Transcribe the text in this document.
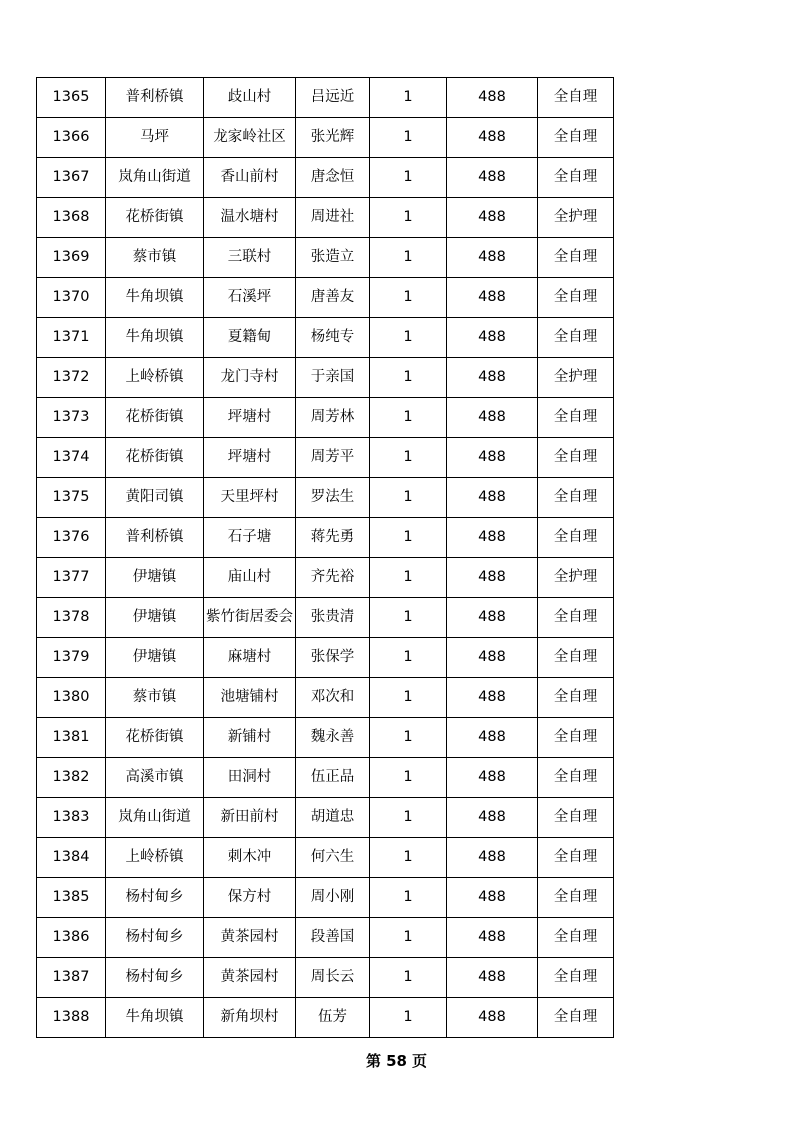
1365	普利桥镇	歧山村	吕远近	1	488	全自理
1366	马坪	龙家岭社区	张光辉	1	488	全自理
1367	岚角山街道	香山前村	唐念恒	1	488	全自理
1368	花桥街镇	温水塘村	周进社	1	488	全护理
1369	蔡市镇	三联村	张造立	1	488	全自理
1370	牛角坝镇	石溪坪	唐善友	1	488	全自理
1371	牛角坝镇	夏籍甸	杨纯专	1	488	全自理
1372	上岭桥镇	龙门寺村	于亲国	1	488	全护理
1373	花桥街镇	坪塘村	周芳林	1	488	全自理
1374	花桥街镇	坪塘村	周芳平	1	488	全自理
1375	黄阳司镇	天里坪村	罗法生	1	488	全自理
1376	普利桥镇	石子塘	蒋先勇	1	488	全自理
1377	伊塘镇	庙山村	齐先裕	1	488	全护理
1378	伊塘镇	紫竹街居委会	张贵清	1	488	全自理
1379	伊塘镇	麻塘村	张保学	1	488	全自理
1380	蔡市镇	池塘铺村	邓次和	1	488	全自理
1381	花桥街镇	新铺村	魏永善	1	488	全自理
1382	高溪市镇	田洞村	伍正品	1	488	全自理
1383	岚角山街道	新田前村	胡道忠	1	488	全自理
1384	上岭桥镇	刺木冲	何六生	1	488	全自理
1385	杨村甸乡	保方村	周小刚	1	488	全自理
1386	杨村甸乡	黄茶园村	段善国	1	488	全自理
1387	杨村甸乡	黄茶园村	周长云	1	488	全自理
1388	牛角坝镇	新角坝村	伍芳	1	488	全自理
第 58 页
